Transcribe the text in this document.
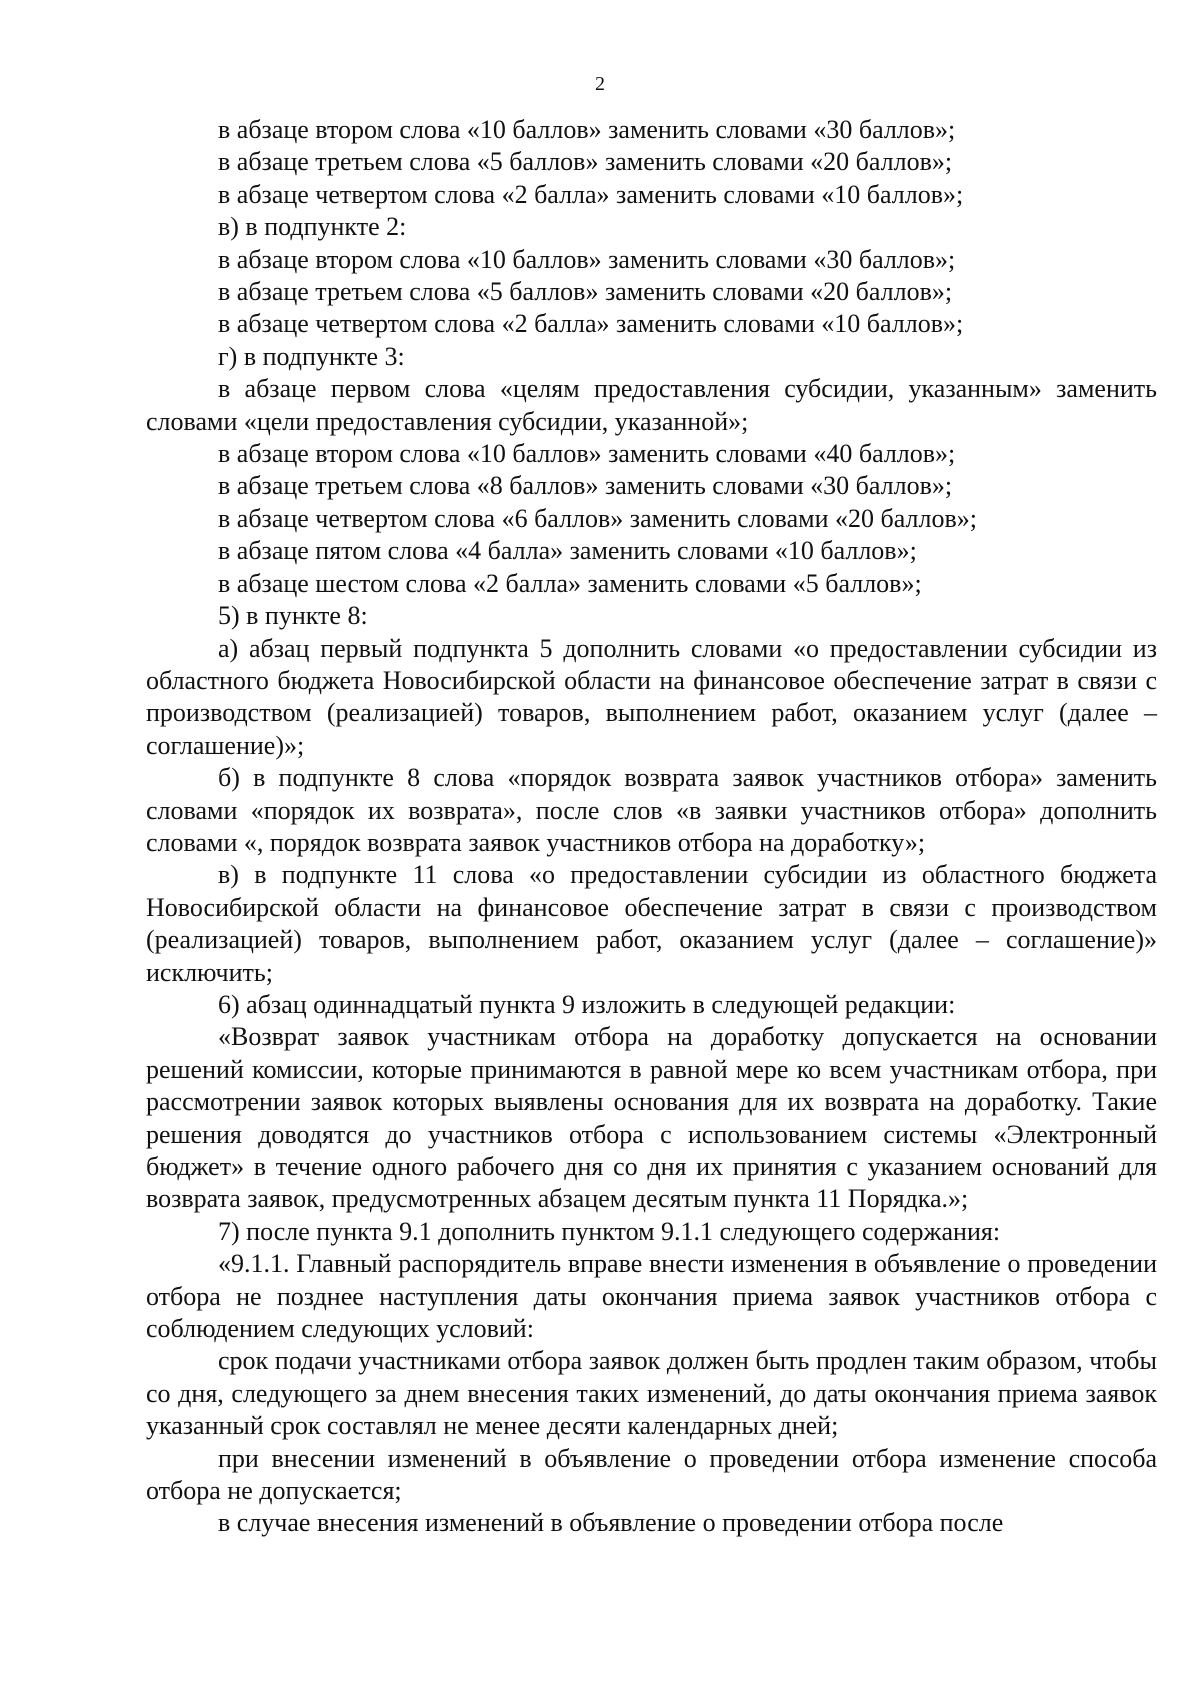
2

в абзаце втором слова «10 баллов» заменить словами «30 баллов»;

в абзаце третьем слова «5 баллов» заменить словами «20 баллов»;

в абзаце четвертом слова «2 балла» заменить словами «10 баллов»;

в) в подпункте 2:

в абзаце втором слова «10 баллов» заменить словами «30 баллов»;

в абзаце третьем слова «5 баллов» заменить словами «20 баллов»;

в абзаце четвертом слова «2 балла» заменить словами «10 баллов»;

г) в подпункте 3:

в абзаце первом слова «целям предоставления субсидии, указанным» заменить словами «цели предоставления субсидии, указанной»;

в абзаце втором слова «10 баллов» заменить словами «40 баллов»;

в абзаце третьем слова «8 баллов» заменить словами «30 баллов»;

в абзаце четвертом слова «6 баллов» заменить словами «20 баллов»;

в абзаце пятом слова «4 балла» заменить словами «10 баллов»;

в абзаце шестом слова «2 балла» заменить словами «5 баллов»;

5) в пункте 8:

а) абзац первый подпункта 5 дополнить словами «о предоставлении субсидии из областного бюджета Новосибирской области на финансовое обеспечение затрат в связи с производством (реализацией) товаров, выполнением работ, оказанием услуг (далее – соглашение)»;

б) в подпункте 8 слова «порядок возврата заявок участников отбора» заменить словами «порядок их возврата», после слов «в заявки участников отбора» дополнить словами «, порядок возврата заявок участников отбора на доработку»;

в) в подпункте 11 слова «о предоставлении субсидии из областного бюджета Новосибирской области на финансовое обеспечение затрат в связи с производством (реализацией) товаров, выполнением работ, оказанием услуг (далее – соглашение)» исключить;

6) абзац одиннадцатый пункта 9 изложить в следующей редакции:

«Возврат заявок участникам отбора на доработку допускается на основании решений комиссии, которые принимаются в равной мере ко всем участникам отбора, при рассмотрении заявок которых выявлены основания для их возврата на доработку. Такие решения доводятся до участников отбора с использованием системы «Электронный бюджет» в течение одного рабочего дня со дня их принятия с указанием оснований для возврата заявок, предусмотренных абзацем десятым пункта 11 Порядка.»;

7) после пункта 9.1 дополнить пунктом 9.1.1 следующего содержания:

«9.1.1. Главный распорядитель вправе внести изменения в объявление о проведении отбора не позднее наступления даты окончания приема заявок участников отбора с соблюдением следующих условий:

срок подачи участниками отбора заявок должен быть продлен таким образом, чтобы со дня, следующего за днем внесения таких изменений, до даты окончания приема заявок указанный срок составлял не менее десяти календарных дней;

при внесении изменений в объявление о проведении отбора изменение способа отбора не допускается;

в случае внесения изменений в объявление о проведении отбора после
